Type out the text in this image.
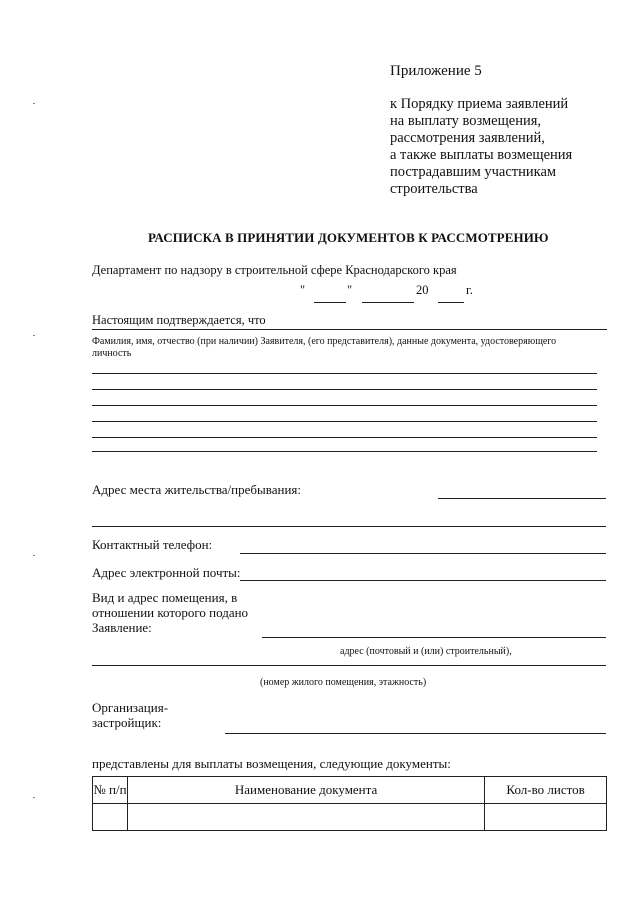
Приложение 5
к Порядку приема заявлений
на выплату возмещения,
рассмотрения заявлений,
а также выплаты возмещения
пострадавшим участникам
строительства
РАСПИСКА В ПРИНЯТИИ ДОКУМЕНТОВ К РАССМОТРЕНИЮ
Департамент по надзору в строительной сфере Краснодарского края
"	"	20	г.
Настоящим подтверждается, что
Фамилия, имя, отчество (при наличии) Заявителя, (его представителя), данные документа, удостоверяющего
личность
Адрес места жительства/пребывания:
Контактный телефон:
Адрес электронной почты:
Вид и адрес помещения, в
отношении которого подано
Заявление:
адрес (почтовый и (или) строительный),
(номер жилого помещения, этажность)
Организация-
застройщик:
представлены для выплаты возмещения, следующие документы:
№ п/п	Наименование документа	Кол-во листов
